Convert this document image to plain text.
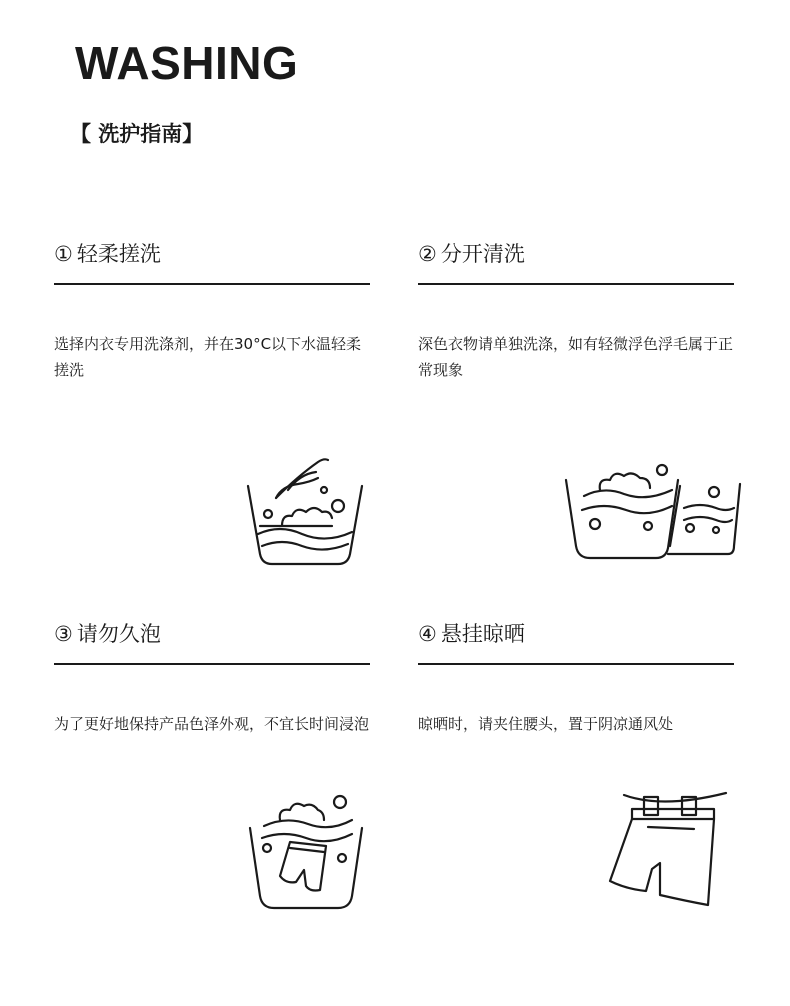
WASHING
【 洗护指南】
① 轻柔搓洗
选择内衣专用洗涤剂，并在30°C以下水温轻柔搓洗
② 分开清洗
深色衣物请单独洗涤，如有轻微浮色浮毛属于正常现象
③ 请勿久泡
为了更好地保持产品色泽外观，不宜长时间浸泡
④ 悬挂晾晒
晾晒时，请夹住腰头，置于阴凉通风处
